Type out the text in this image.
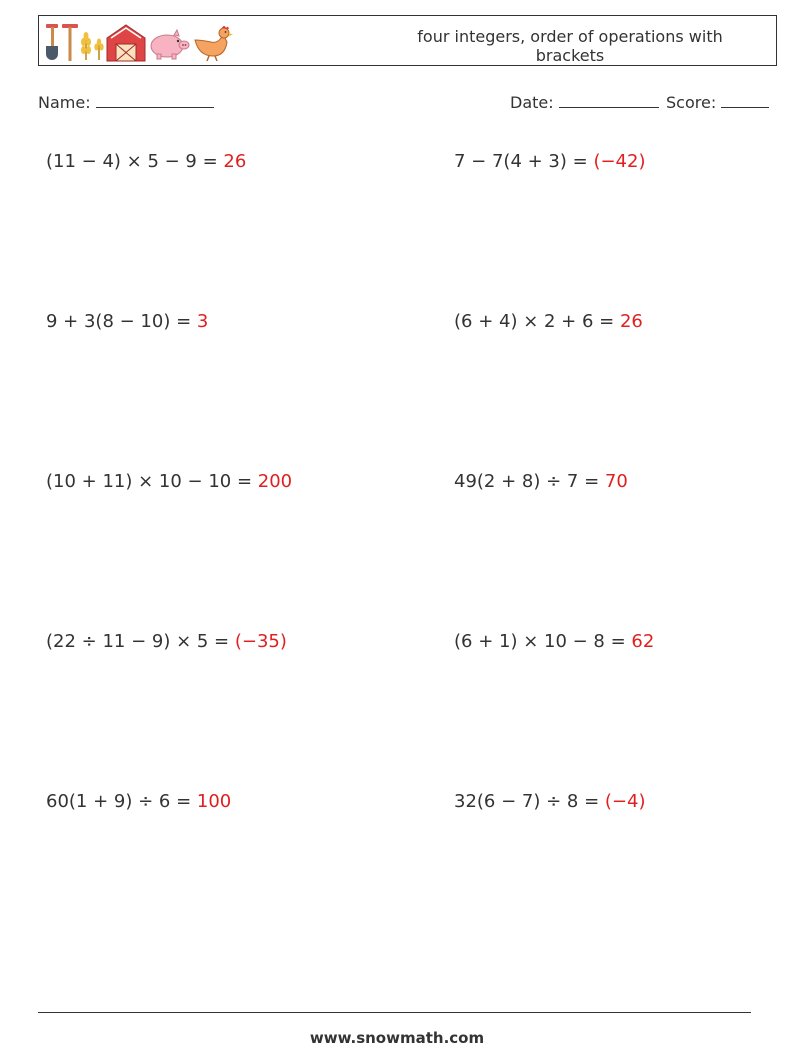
four integers, order of operations with brackets
Name:	Date:	Score:
(11 − 4) × 5 − 9 = 26	7 − 7(4 + 3) = (−42)
9 + 3(8 − 10) = 3	(6 + 4) × 2 + 6 = 26
(10 + 11) × 10 − 10 = 200	49(2 + 8) ÷ 7 = 70
(22 ÷ 11 − 9) × 5 = (−35)	(6 + 1) × 10 − 8 = 62
60(1 + 9) ÷ 6 = 100	32(6 − 7) ÷ 8 = (−4)
www.snowmath.com
